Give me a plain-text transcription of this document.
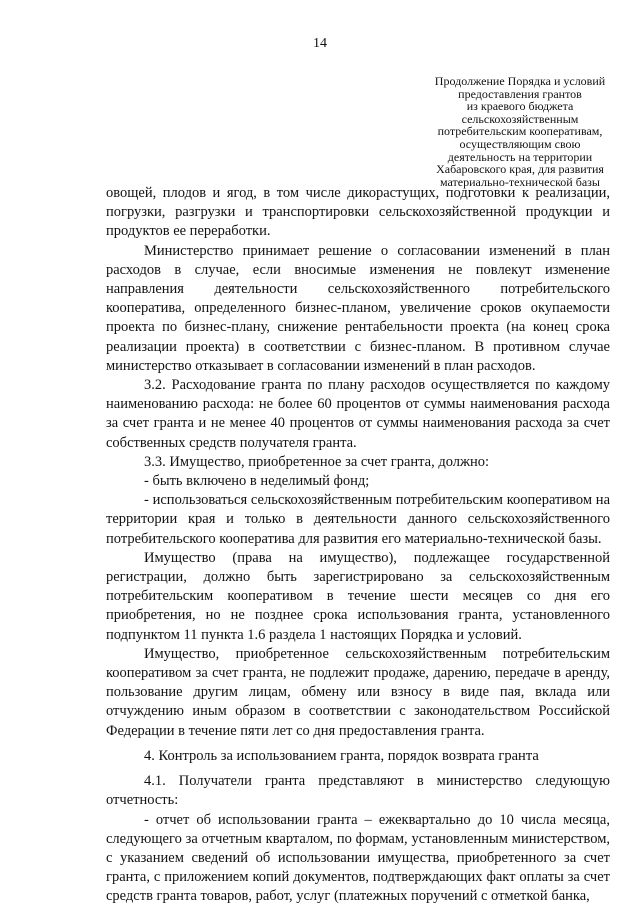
14
Продолжение Порядка и условий
предоставления грантов
из краевого бюджета
сельскохозяйственным
потребительским кооперативам,
осуществляющим свою
деятельность на территории
Хабаровского края, для развития
материально-технической базы

овощей, плодов и ягод, в том числе дикорастущих, подготовки к реализации, погрузки, разгрузки и транспортировки сельскохозяйственной продукции и продуктов ее переработки.

Министерство принимает решение о согласовании изменений в план расходов в случае, если вносимые изменения не повлекут изменение направления деятельности сельскохозяйственного потребительского кооператива, определенного бизнес-планом, увеличение сроков окупаемости проекта по бизнес-плану, снижение рентабельности проекта (на конец срока реализации проекта) в соответствии с бизнес-планом. В противном случае министерство отказывает в согласовании изменений в план расходов.

3.2. Расходование гранта по плану расходов осуществляется по каждому наименованию расхода: не более 60 процентов от суммы наименования расхода за счет гранта и не менее 40 процентов от суммы наименования расхода за счет собственных средств получателя гранта.

3.3. Имущество, приобретенное за счет гранта, должно:

- быть включено в неделимый фонд;

- использоваться сельскохозяйственным потребительским кооперативом на территории края и только в деятельности данного сельскохозяйственного потребительского кооператива для развития его материально-технической базы.

Имущество (права на имущество), подлежащее государственной регистрации, должно быть зарегистрировано за сельскохозяйственным потребительским кооперативом в течение шести месяцев со дня его приобретения, но не позднее срока использования гранта, установленного подпунктом 11 пункта 1.6 раздела 1 настоящих Порядка и условий.

Имущество, приобретенное сельскохозяйственным потребительским кооперативом за счет гранта, не подлежит продаже, дарению, передаче в аренду, пользование другим лицам, обмену или взносу в виде пая, вклада или отчуждению иным образом в соответствии с законодательством Российской Федерации в течение пяти лет со дня предоставления гранта.

4. Контроль за использованием гранта, порядок возврата гранта

4.1. Получатели гранта представляют в министерство следующую отчетность:

- отчет об использовании гранта – ежеквартально до 10 числа месяца, следующего за отчетным кварталом, по формам, установленным министерством, с указанием сведений об использовании имущества, приобретенного за счет гранта, с приложением копий документов, подтверждающих факт оплаты за счет средств гранта товаров, работ, услуг (платежных поручений с отметкой банка,
